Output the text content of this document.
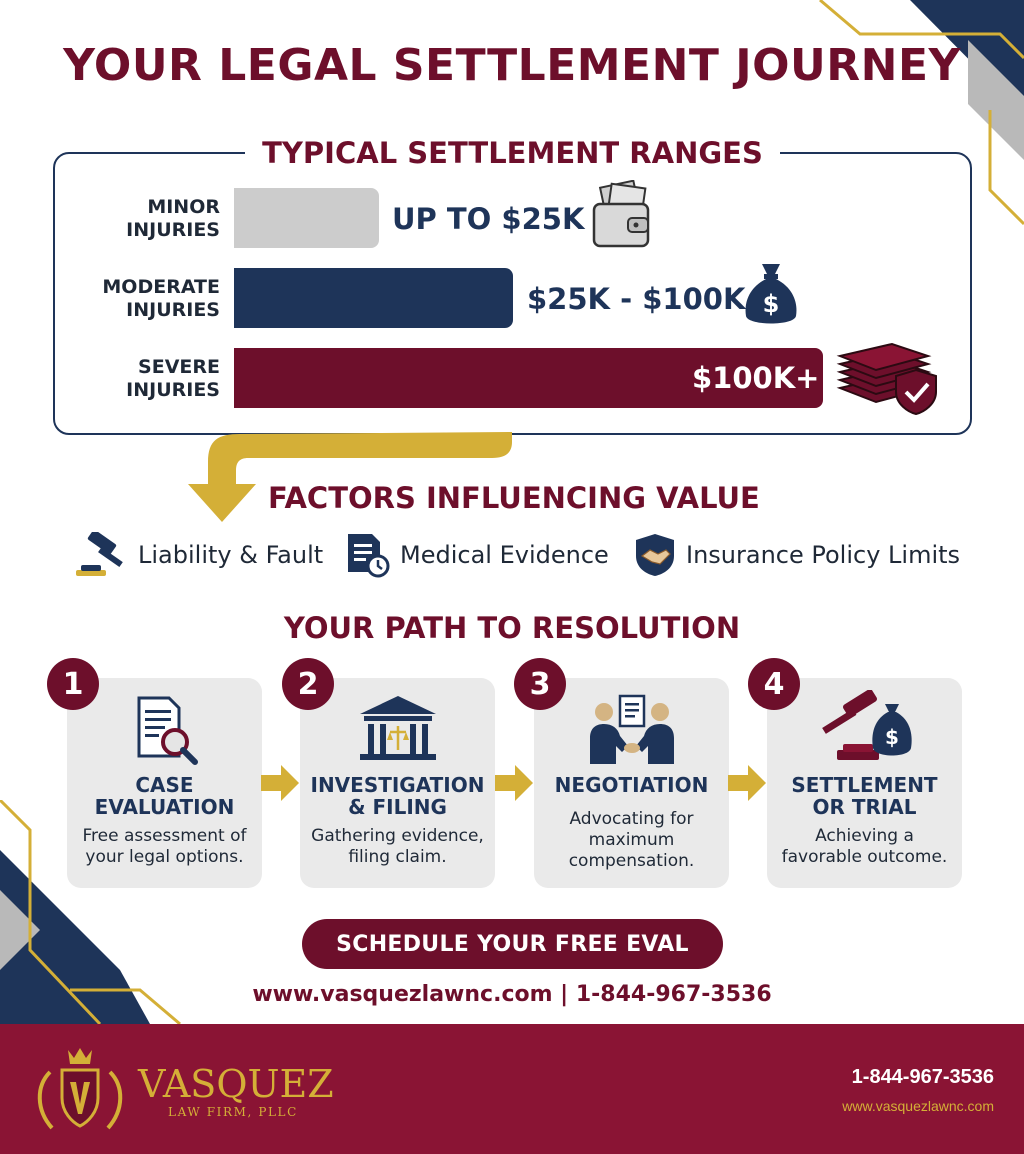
YOUR LEGAL SETTLEMENT JOURNEY
TYPICAL SETTLEMENT RANGES
MINOR
INJURIES	UP TO $25K
MODERATE
INJURIES	$25K - $100K $
SEVERE
INJURIES	$100K+
FACTORS INFLUENCING VALUE
Liability & Fault	Medical Evidence	Insurance Policy Limits
YOUR PATH TO RESOLUTION
CASE
EVALUATION
Free assessment of
your legal options.
1
INVESTIGATION
& FILING
Gathering evidence,
filing claim.
2
NEGOTIATION
Advocating for
maximum
compensation.
3
$
SETTLEMENT
OR TRIAL
Achieving a
favorable outcome.
4
SCHEDULE YOUR FREE EVAL
www.vasquezlawnc.com | 1-844-967-3536
VASQUEZ
LAW FIRM, PLLC
1-844-967-3536
www.vasquezlawnc.com
